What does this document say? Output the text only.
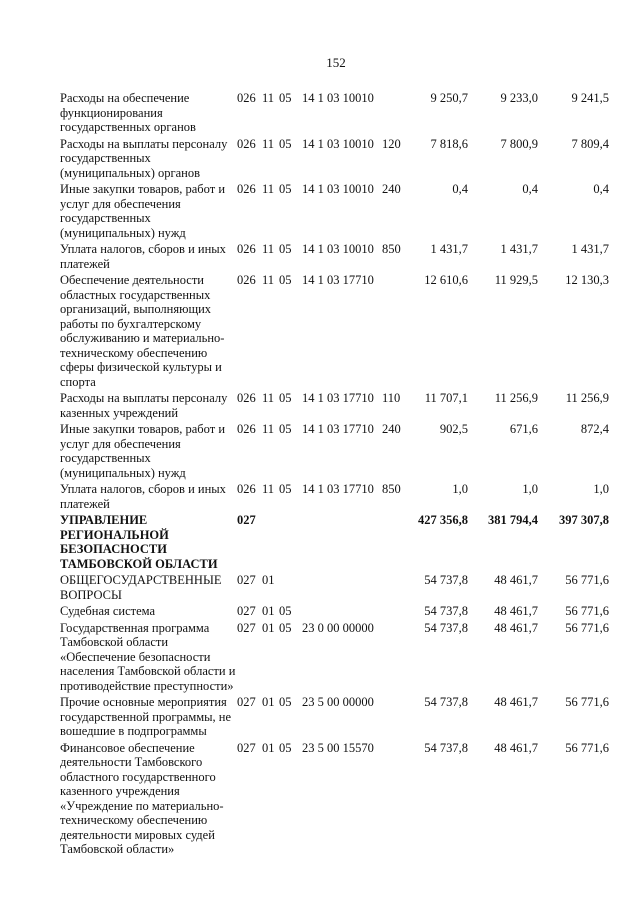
152
Расходы на обеспечение
функционирования
государственных органов
026 11 05 14 1 03 10010	9 250,7	9 233,0	9 241,5
Расходы на выплаты персоналу
государственных
(муниципальных) органов
026 11 05 14 1 03 10010 120	7 818,6	7 800,9	7 809,4
Иные закупки товаров, работ и
услуг для обеспечения
государственных
(муниципальных) нужд
026 11 05 14 1 03 10010 240	0,4	0,4	0,4
Уплата налогов, сборов и иных
платежей
026 11 05 14 1 03 10010 850	1 431,7	1 431,7	1 431,7
Обеспечение деятельности
областных государственных
организаций, выполняющих
работы по бухгалтерскому
обслуживанию и материально-
техническому обеспечению
сферы физической культуры и
спорта
026 11 05 14 1 03 17710	12 610,6	11 929,5	12 130,3
Расходы на выплаты персоналу
казенных учреждений
026 11 05 14 1 03 17710 110	11 707,1	11 256,9	11 256,9
Иные закупки товаров, работ и
услуг для обеспечения
государственных
(муниципальных) нужд
026 11 05 14 1 03 17710 240	902,5	671,6	872,4
Уплата налогов, сборов и иных
платежей
026 11 05 14 1 03 17710 850	1,0	1,0	1,0
УПРАВЛЕНИЕ
РЕГИОНАЛЬНОЙ
БЕЗОПАСНОСТИ
ТАМБОВСКОЙ ОБЛАСТИ
027	427 356,8	381 794,4	397 307,8
ОБЩЕГОСУДАРСТВЕННЫЕ
ВОПРОСЫ
027 01	54 737,8	48 461,7	56 771,6
Судебная система	027 01 05	54 737,8	48 461,7	56 771,6
Государственная программа
Тамбовской области
«Обеспечение безопасности
населения Тамбовской области и
противодействие преступности»
027 01 05 23 0 00 00000	54 737,8	48 461,7	56 771,6
Прочие основные мероприятия
государственной программы, не
вошедшие в подпрограммы
027 01 05 23 5 00 00000	54 737,8	48 461,7	56 771,6
Финансовое обеспечение
деятельности Тамбовского
областного государственного
казенного учреждения
«Учреждение по материально-
техническому обеспечению
деятельности мировых судей
Тамбовской области»
027 01 05 23 5 00 15570	54 737,8	48 461,7	56 771,6
